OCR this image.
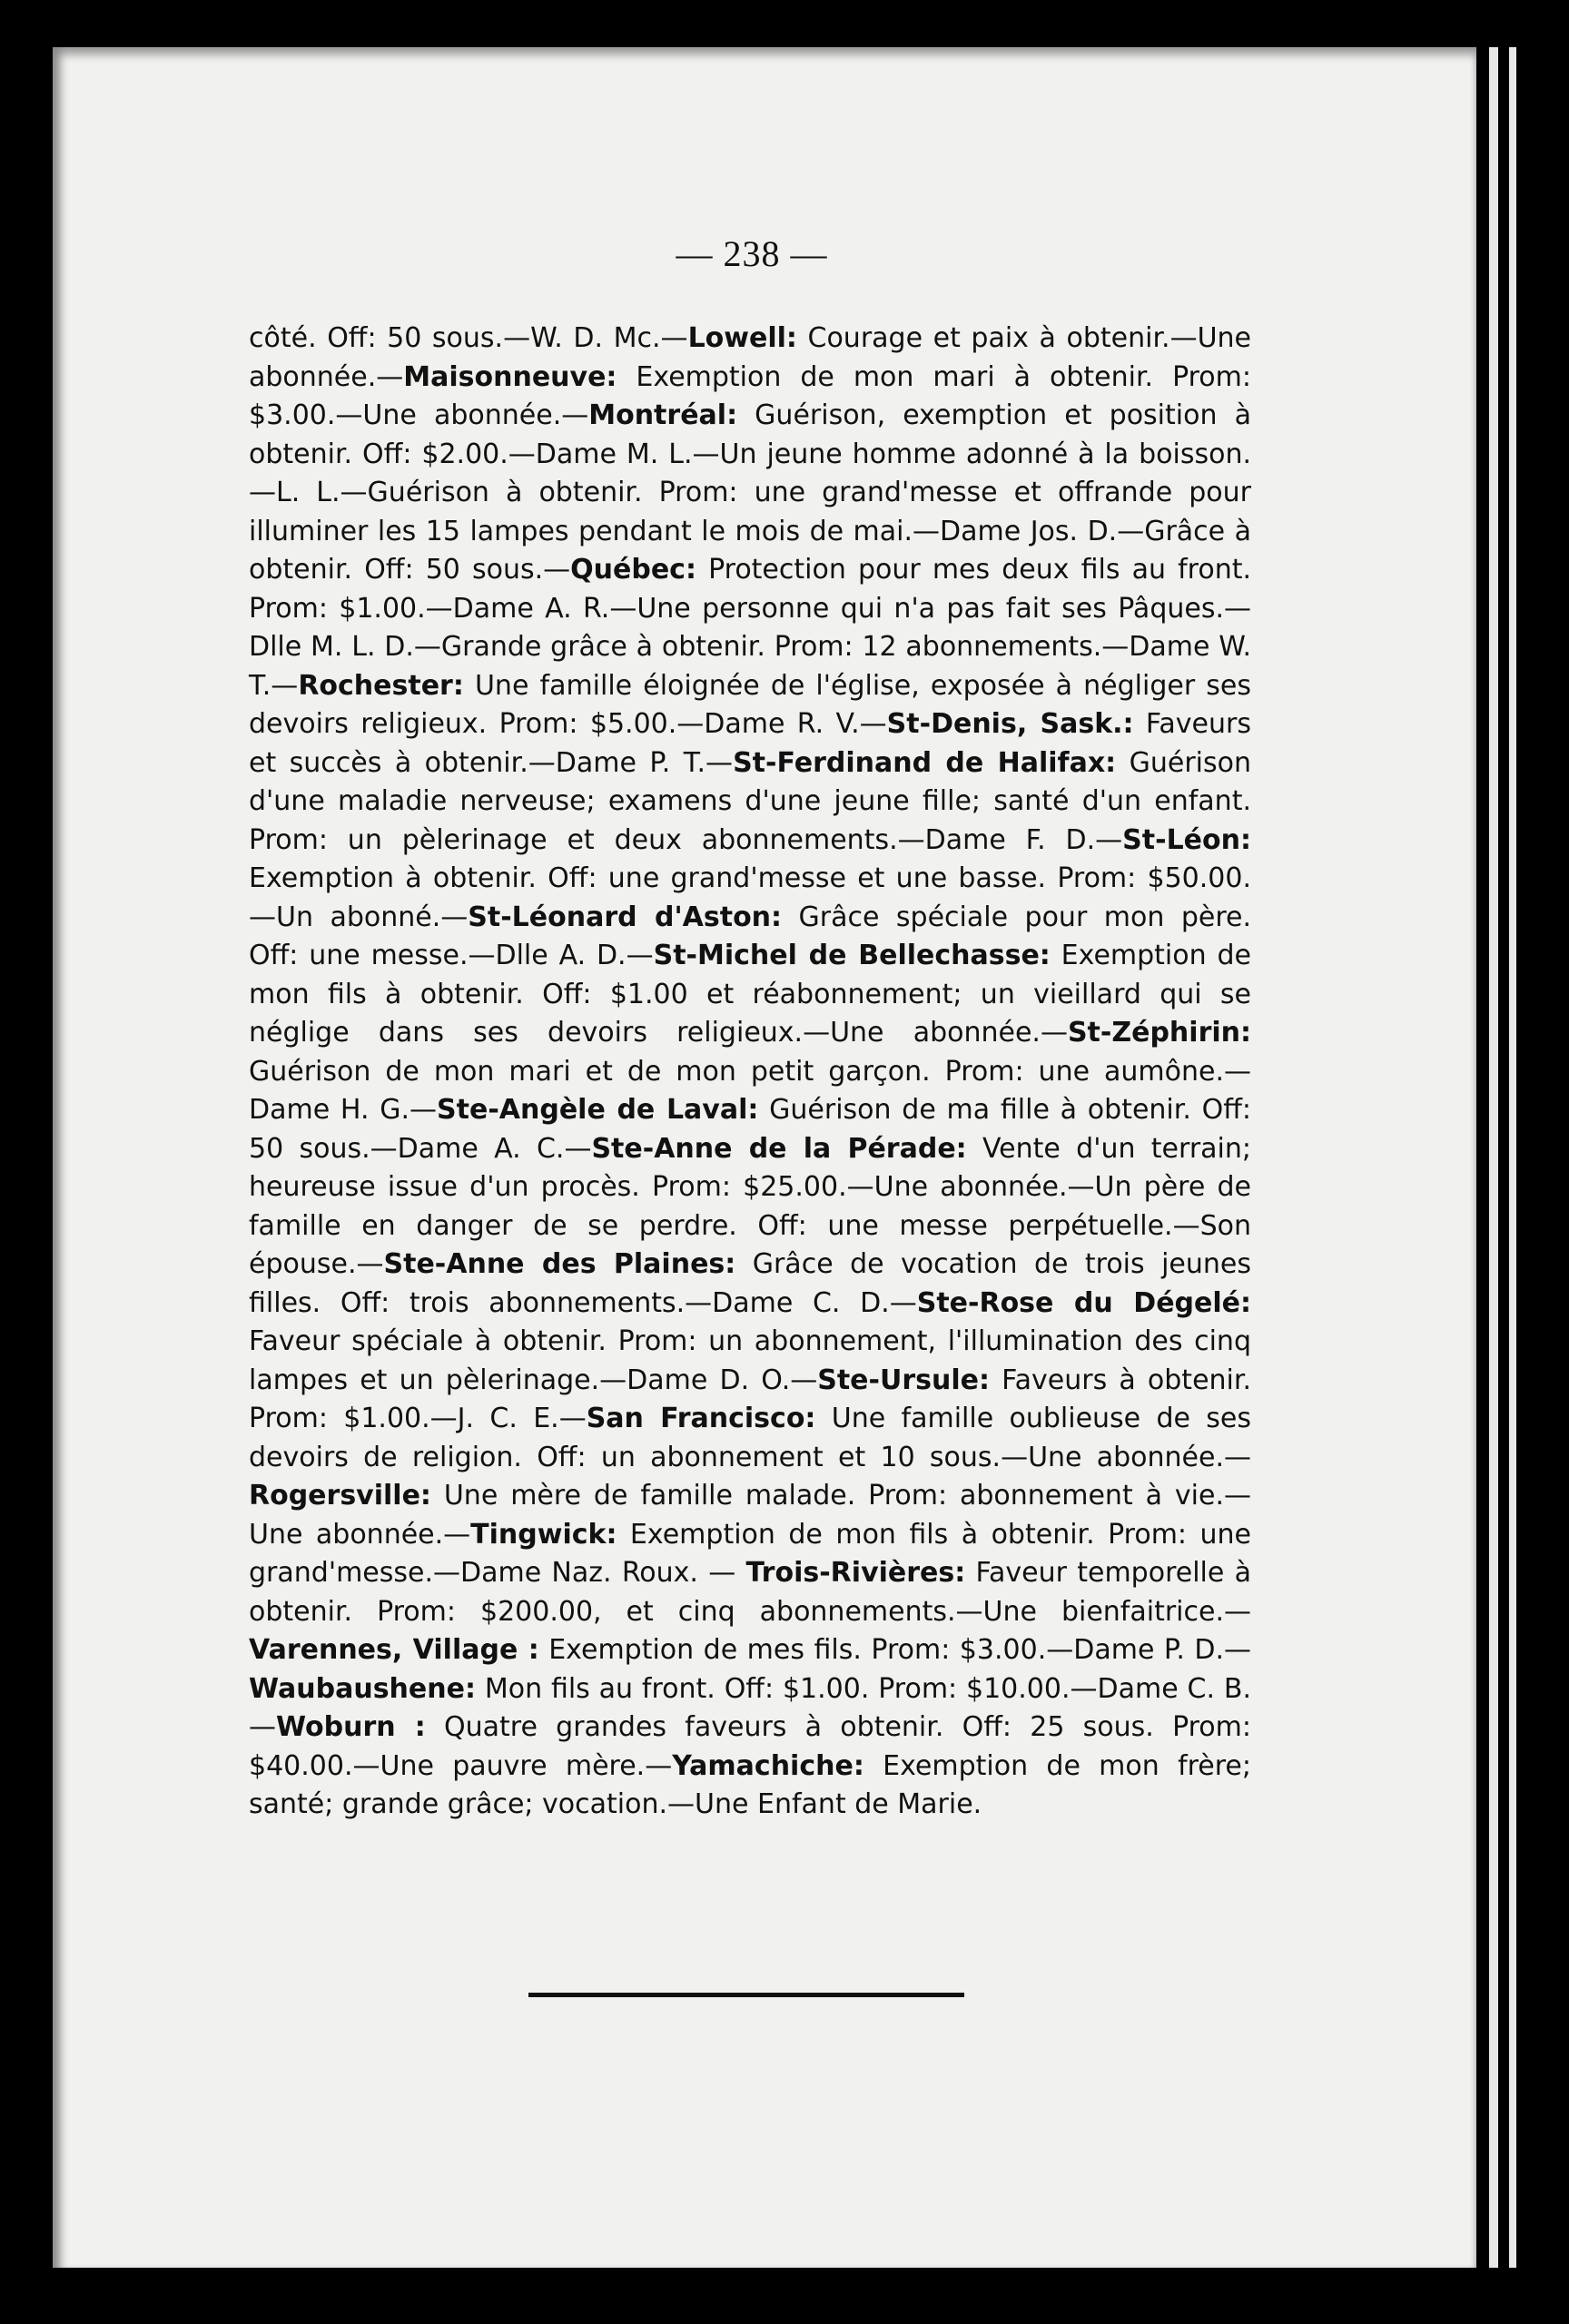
— 238 —
côté. Off: 50 sous.—W. D. Mc.—Lowell: Courage et paix à obtenir.—Une abonnée.—Maisonneuve: Exemption de mon mari à obtenir. Prom: $3.00.—Une abonnée.—Montréal: Guérison, exemption et position à obtenir. Off: $2.00.—Dame M. L.—Un jeune homme adonné à la boisson.—L. L.—Guérison à obtenir. Prom: une grand'messe et offrande pour illuminer les 15 lampes pendant le mois de mai.—Dame Jos. D.—Grâce à obtenir. Off: 50 sous.—Québec: Protection pour mes deux fils au front. Prom: $1.00.—Dame A. R.—Une personne qui n'a pas fait ses Pâques.—Dlle M. L. D.—Grande grâce à obtenir. Prom: 12 abonnements.—Dame W. T.—Rochester: Une famille éloignée de l'église, exposée à négliger ses devoirs religieux. Prom: $5.00.—Dame R. V.—St-Denis, Sask.: Faveurs et succès à obtenir.—Dame P. T.—St-Ferdinand de Halifax: Guérison d'une maladie nerveuse; examens d'une jeune fille; santé d'un enfant. Prom: un pèlerinage et deux abonnements.—Dame F. D.—St-Léon: Exemption à obtenir. Off: une grand'messe et une basse. Prom: $50.00.—Un abonné.—St-Léonard d'Aston: Grâce spéciale pour mon père. Off: une messe.—Dlle A. D.—St-Michel de Bellechasse: Exemption de mon fils à obtenir. Off: $1.00 et réabonnement; un vieillard qui se néglige dans ses devoirs religieux.—Une abonnée.—St-Zéphirin: Guérison de mon mari et de mon petit garçon. Prom: une aumône.—Dame H. G.—Ste-Angèle de Laval: Guérison de ma fille à obtenir. Off: 50 sous.—Dame A. C.—Ste-Anne de la Pérade: Vente d'un terrain; heureuse issue d'un procès. Prom: $25.00.—Une abonnée.—Un père de famille en danger de se perdre. Off: une messe perpétuelle.—Son épouse.—Ste-Anne des Plaines: Grâce de vocation de trois jeunes filles. Off: trois abonnements.—Dame C. D.—Ste-Rose du Dégelé: Faveur spéciale à obtenir. Prom: un abonnement, l'illumination des cinq lampes et un pèlerinage.—Dame D. O.—Ste-Ursule: Faveurs à obtenir. Prom: $1.00.—J. C. E.—San Francisco: Une famille oublieuse de ses devoirs de religion. Off: un abonnement et 10 sous.—Une abonnée.—Rogersville: Une mère de famille malade. Prom: abonnement à vie.—Une abonnée.—Tingwick: Exemption de mon fils à obtenir. Prom: une grand'messe.—Dame Naz. Roux. — Trois-Rivières: Faveur temporelle à obtenir. Prom: $200.00, et cinq abonnements.—Une bienfaitrice.—Varennes, Village : Exemption de mes fils. Prom: $3.00.—Dame P. D.—Waubaushene: Mon fils au front. Off: $1.00. Prom: $10.00.—Dame C. B.—Woburn : Quatre grandes faveurs à obtenir. Off: 25 sous. Prom: $40.00.—Une pauvre mère.—Yamachiche: Exemption de mon frère; santé; grande grâce; vocation.—Une Enfant de Marie.
